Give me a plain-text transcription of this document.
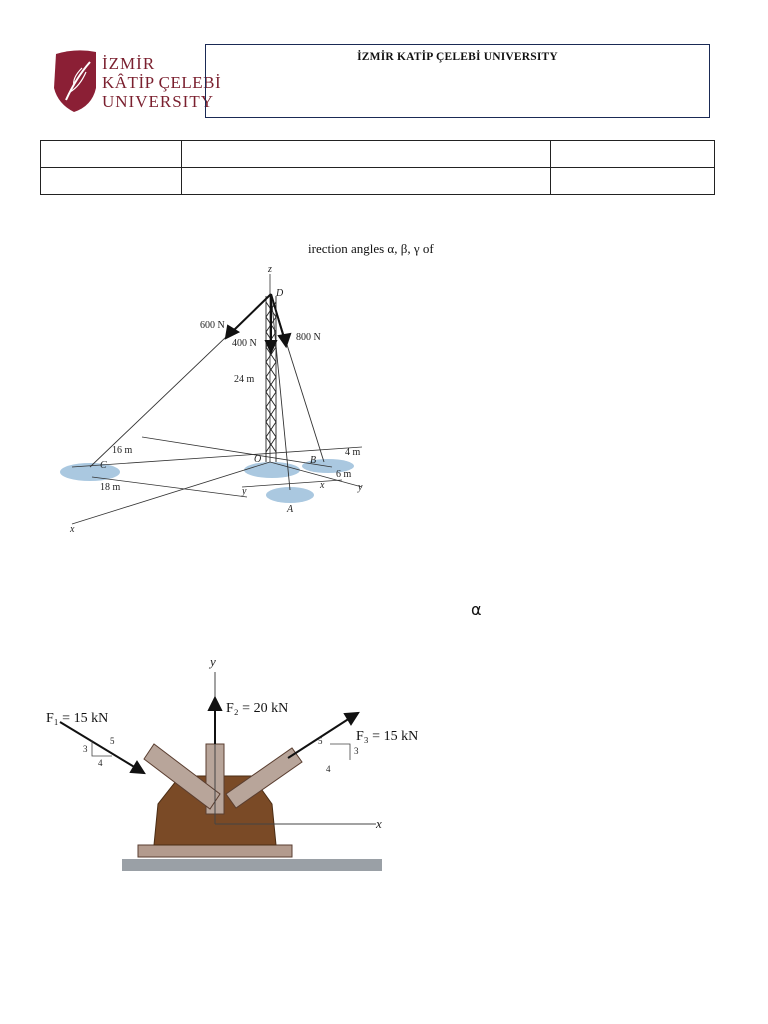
İZMİR
KÂTİP ÇELEBİ
UNIVERSITY
İZMİR KATİP ÇELEBİ UNIVERSITY

irection angles α, β, γ of
600 N
400 N
800 N
D
O	B
C
A
z
x
y	y
x
24 m
16 m
18 m
4 m
6 m
α
y
x
3
5
4
5
3
4
F₁ = 15 kN
F₂ = 20 kN
F₃ = 15 kN
